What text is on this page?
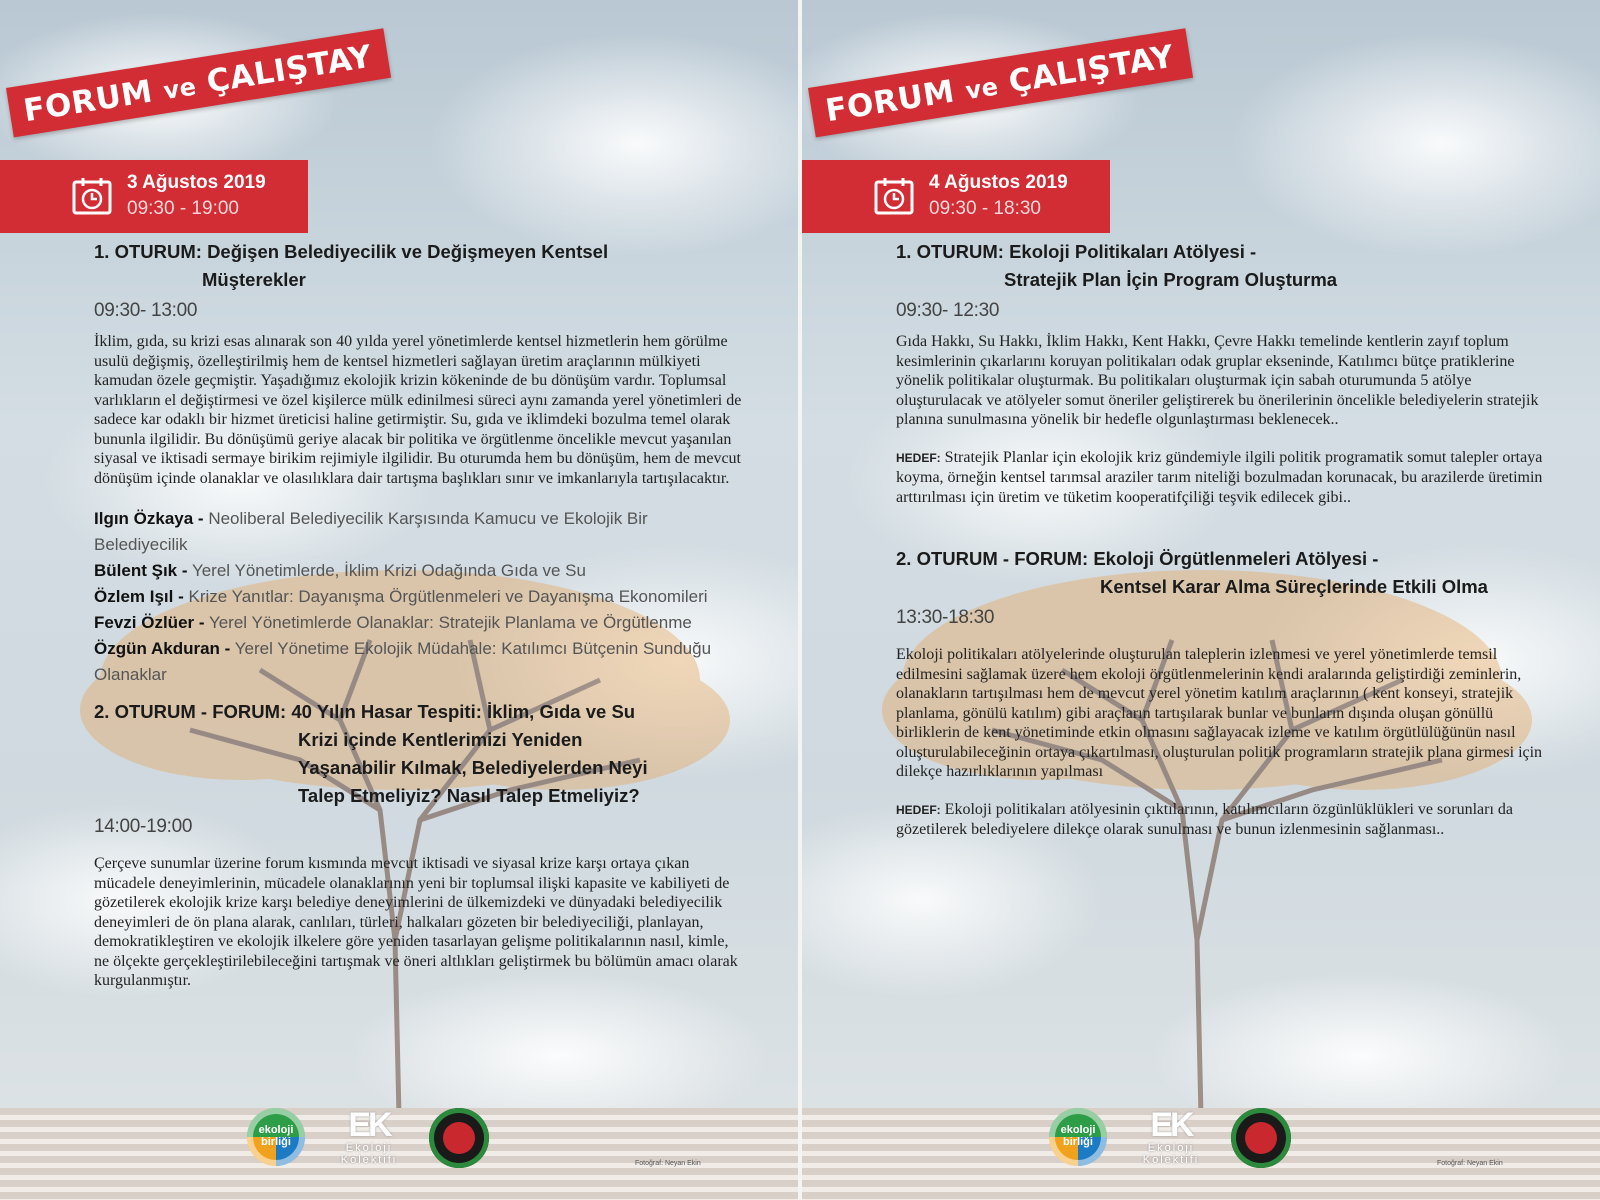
FORUM ve ÇALIŞTAY
3 Ağustos 2019
09:30 - 19:00
1. OTURUM: Değişen Belediyecilik ve Değişmeyen Kentsel
Müşterekler
09:30- 13:00
İklim, gıda, su krizi esas alınarak son 40 yılda yerel yönetimlerde kentsel hizmetlerin hem görülme usulü değişmiş, özelleştirilmiş hem de kentsel hizmetleri sağlayan üretim araçlarının mülkiyeti kamudan özele geçmiştir. Yaşadığımız ekolojik krizin kökeninde de bu dönüşüm vardır. Toplumsal varlıkların el değiştirmesi ve özel kişilerce mülk edinilmesi süreci aynı zamanda yerel yönetimleri de sadece kar odaklı bir hizmet üreticisi haline getirmiştir. Su, gıda ve iklimdeki bozulma temel olarak bununla ilgilidir. Bu dönüşümü geriye alacak bir politika ve örgütlenme öncelikle mevcut yaşanılan siyasal ve iktisadi sermaye birikim rejimiyle ilgilidir. Bu oturumda hem bu dönüşüm, hem de mevcut dönüşüm içinde olanaklar ve olasılıklara dair tartışma başlıkları sınır ve imkanlarıyla tartışılacaktır.
Ilgın Özkaya - Neoliberal Belediyecilik Karşısında Kamucu ve Ekolojik Bir Belediyecilik
Bülent Şık - Yerel Yönetimlerde, İklim Krizi Odağında Gıda ve Su
Özlem Işıl - Krize Yanıtlar: Dayanışma Örgütlenmeleri ve Dayanışma Ekonomileri
Fevzi Özlüer - Yerel Yönetimlerde Olanaklar: Stratejik Planlama ve Örgütlenme
Özgün Akduran - Yerel Yönetime Ekolojik Müdahale: Katılımcı Bütçenin Sunduğu Olanaklar
2. OTURUM - FORUM: 40 Yılın Hasar Tespiti: İklim, Gıda ve Su
Krizi içinde Kentlerimizi Yeniden
Yaşanabilir Kılmak, Belediyelerden Neyi
Talep Etmeliyiz? Nasıl Talep Etmeliyiz?
14:00-19:00
Çerçeve sunumlar üzerine forum kısmında mevcut iktisadi ve siyasal krize karşı ortaya çıkan mücadele deneyimlerinin, mücadele olanaklarının yeni bir toplumsal ilişki kapasite ve kabiliyeti de gözetilerek ekolojik krize karşı belediye deneyimlerini de ülkemizdeki ve dünyadaki belediyecilik deneyimleri de ön plana alarak, canlıları, türleri, halkaları gözeten bir belediyeciliği, planlayan, demokratikleştiren ve ekolojik ilkelere göre yeniden tasarlayan gelişme politikalarının nasıl, kimle, ne ölçekte gerçekleştirilebileceğini tartışmak ve öneri altlıkları geliştirmek bu bölümün amacı olarak kurgulanmıştır.
ekoloji birliği EK
Ekoloji Kolektifi	Fotoğraf: Neyan Ekin
FORUM ve ÇALIŞTAY
4 Ağustos 2019
09:30 - 18:30
1. OTURUM: Ekoloji Politikaları Atölyesi -
Stratejik Plan İçin Program Oluşturma
09:30- 12:30
Gıda Hakkı, Su Hakkı, İklim Hakkı, Kent Hakkı, Çevre Hakkı temelinde kentlerin zayıf toplum kesimlerinin çıkarlarını koruyan politikaları odak gruplar ekseninde, Katılımcı bütçe pratiklerine yönelik politikalar oluşturmak. Bu politikaları oluşturmak için sabah oturumunda 5 atölye oluşturulacak ve atölyeler somut öneriler geliştirerek bu önerilerinin öncelikle belediyelerin stratejik planına sunulmasına yönelik bir hedefle olgunlaştırması beklenecek..
HEDEF: Stratejik Planlar için ekolojik kriz gündemiyle ilgili politik programatik somut talepler ortaya koyma, örneğin kentsel tarımsal araziler tarım niteliği bozulmadan korunacak, bu arazilerde üretimin arttırılması için üretim ve tüketim kooperatifçiliği teşvik edilecek gibi..
2. OTURUM - FORUM: Ekoloji Örgütlenmeleri Atölyesi -
Kentsel Karar Alma Süreçlerinde Etkili Olma
13:30-18:30
Ekoloji politikaları atölyelerinde oluşturulan taleplerin izlenmesi ve yerel yönetimlerde temsil edilmesini sağlamak üzere hem ekoloji örgütlenmelerinin kendi aralarında geliştirdiği zeminlerin, olanakların tartışılması hem de mevcut yerel yönetim katılım araçlarının ( kent konseyi, stratejik planlama, gönülü katılım) gibi araçların tartışılarak bunlar ve bunların dışında oluşan gönüllü birliklerin de kent yönetiminde etkin olmasını sağlayacak izleme ve katılım örgütlülüğünün nasıl oluşturulabileceğinin ortaya çıkartılması, oluşturulan politik programların stratejik plana girmesi için dilekçe hazırlıklarının yapılması
HEDEF: Ekoloji politikaları atölyesinin çıktılarının, katılımcıların özgünlüklükleri ve sorunları da gözetilerek belediyelere dilekçe olarak sunulması ve bunun izlenmesinin sağlanması..
ekoloji birliği EK
Ekoloji Kolektifi	Fotoğraf: Neyan Ekin
